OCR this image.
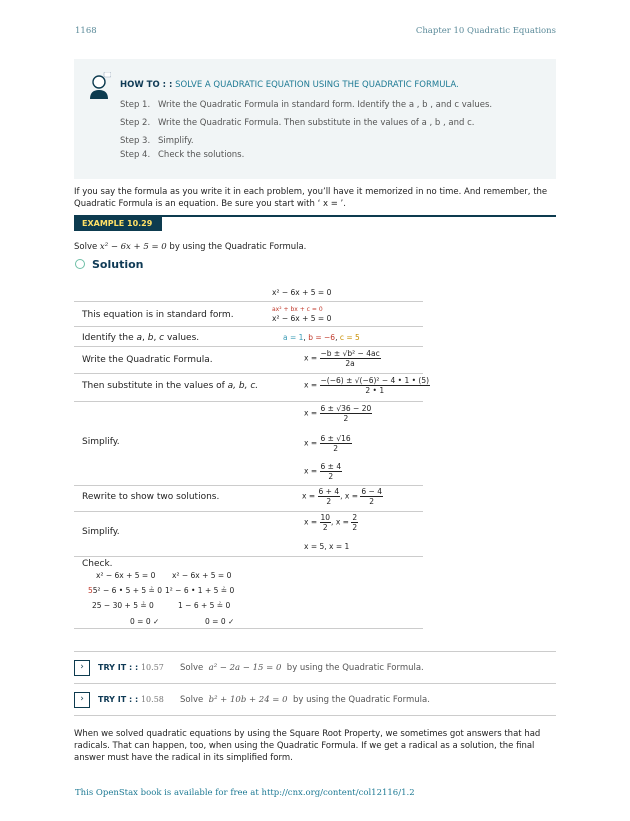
1168	Chapter 10 Quadratic Equations
HOW TO : : SOLVE A QUADRATIC EQUATION USING THE QUADRATIC FORMULA.
Step 1. Write the Quadratic Formula in standard form. Identify the a , b , and c values.
Step 2. Write the Quadratic Formula. Then substitute in the values of a , b , and c.
Step 3. Simplify.
Step 4. Check the solutions.
If you say the formula as you write it in each problem, you’ll have it memorized in no time. And remember, the Quadratic Formula is an equation. Be sure you start with ‘ x = ’.
EXAMPLE 10.29
Solve x² − 6x + 5 = 0 by using the Quadratic Formula.
Solution
x² − 6x + 5 = 0
This equation is in standard form.
ax² + bx + c = 0
x² − 6x + 5 = 0
Identify the a, b, c values.	a = 1, b = −6, c = 5
Write the Quadratic Formula.	$x = \frac{\text{−b ± √b² − 4ac}}{2a}$
Then substitute in the values of a, b, c.	$x = \frac{\text{−(−6) ± √(−6)² − 4 • 1 • (5)}}{2 • 1}$
Simplify.
$x = \frac{6 \pm √36 - 20}{2}$
$x = \frac{6 \pm √16}{2}$
$x = \frac{6 \pm 4}{2}$
Rewrite to show two solutions.	$x = \frac{6 + 4}{2}$ , $x = \frac{6 - 4}{2}$
Simplify.
$x = \frac{10}{2}$ , $x = \frac{2}{2}$
x = 5, x = 1
Check.
x² − 6x + 5 = 0
55² − 6 • 5 + 5 ≟ 0
25 − 30 + 5 ≟ 0
0 = 0 ✓
x² − 6x + 5 = 0
1² − 6 • 1 + 5 ≟ 0
1 − 6 + 5 ≟ 0
0 = 0 ✓
›	TRY IT : : 10.57 Solve a² − 2a − 15 = 0 by using the Quadratic Formula.
›	TRY IT : : 10.58 Solve b² + 10b + 24 = 0 by using the Quadratic Formula.
When we solved quadratic equations by using the Square Root Property, we sometimes got answers that had radicals. That can happen, too, when using the Quadratic Formula. If we get a radical as a solution, the final answer must have the radical in its simplified form.
This OpenStax book is available for free at http://cnx.org/content/col12116/1.2
